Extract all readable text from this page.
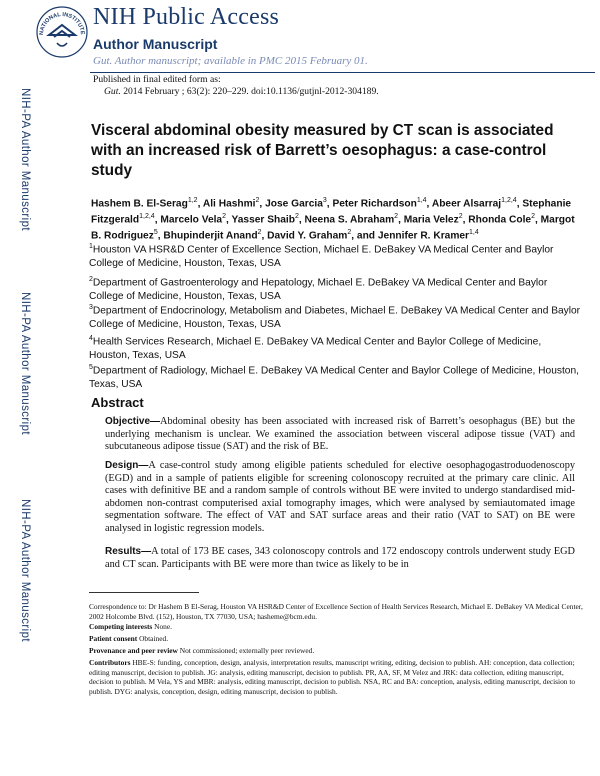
NATIONAL INSTITUTE
NIH Public Access
Author Manuscript
Gut. Author manuscript; available in PMC 2015 February 01.
Published in final edited form as:
Gut. 2014 February ; 63(2): 220–229. doi:10.1136/gutjnl-2012-304189.
NIH-PA Author Manuscript
NIH-PA Author Manuscript
NIH-PA Author Manuscript
Visceral abdominal obesity measured by CT scan is associated with an increased risk of Barrett’s oesophagus: a case-control study
Hashem B. El-Serag$^{1,2}$, Ali Hashmi$^2$, Jose Garcia$^3$, Peter Richardson$^{1,4}$, Abeer Alsarraj$^{1,2,4}$, Stephanie Fitzgerald$^{1,2,4}$, Marcelo Vela$^2$, Yasser Shaib$^2$, Neena S. Abraham$^2$, Maria Velez$^2$, Rhonda Cole$^2$, Margot B. Rodriguez$^5$, Bhupinderjit Anand$^2$, David Y. Graham$^2$, and Jennifer R. Kramer$^{1,4}$
$^1$Houston VA HSR&D Center of Excellence Section, Michael E. DeBakey VA Medical Center and Baylor College of Medicine, Houston, Texas, USA
$^2$Department of Gastroenterology and Hepatology, Michael E. DeBakey VA Medical Center and Baylor College of Medicine, Houston, Texas, USA
$^3$Department of Endocrinology, Metabolism and Diabetes, Michael E. DeBakey VA Medical Center and Baylor College of Medicine, Houston, Texas, USA
$^4$Health Services Research, Michael E. DeBakey VA Medical Center and Baylor College of Medicine, Houston, Texas, USA
$^5$Department of Radiology, Michael E. DeBakey VA Medical Center and Baylor College of Medicine, Houston, Texas, USA
Abstract
Objective—Abdominal obesity has been associated with increased risk of Barrett’s oesophagus (BE) but the underlying mechanism is unclear. We examined the association between visceral adipose tissue (VAT) and subcutaneous adipose tissue (SAT) and the risk of BE.
Design—A case-control study among eligible patients scheduled for elective oesophagogastroduodenoscopy (EGD) and in a sample of patients eligible for screening colonoscopy recruited at the primary care clinic. All cases with definitive BE and a random sample of controls without BE were invited to undergo standardised mid-abdomen non-contrast computerised axial tomography images, which were analysed by semiautomated image segmentation software. The effect of VAT and SAT surface areas and their ratio (VAT to SAT) on BE were analysed in logistic regression models.
Results—A total of 173 BE cases, 343 colonoscopy controls and 172 endoscopy controls underwent study EGD and CT scan. Participants with BE were more than twice as likely to be in
Correspondence to: Dr Hashem B El-Serag, Houston VA HSR&D Center of Excellence Section of Health Services Research, Michael E. DeBakey VA Medical Center, 2002 Holcombe Blvd. (152), Houston, TX 77030, USA; hasheme@bcm.edu.
Competing interests None.
Patient consent Obtained.
Provenance and peer review Not commissioned; externally peer reviewed.
Contributors HBE-S: funding, conception, design, analysis, interpretation results, manuscript writing, editing, decision to publish. AH: conception, data collection; editing manuscript, decision to publish. JG: analysis, editing manuscript, decision to publish. PR, AA, SF, M Velez and JRK: data collection, editing manuscript, decision to publish. M Vela, YS and MBR: analysis, editing manuscript, decision to publish. NSA, RC and BA: conception, analysis, editing manuscript, decision to publish. DYG: analysis, conception, design, editing manuscript, decision to publish.
